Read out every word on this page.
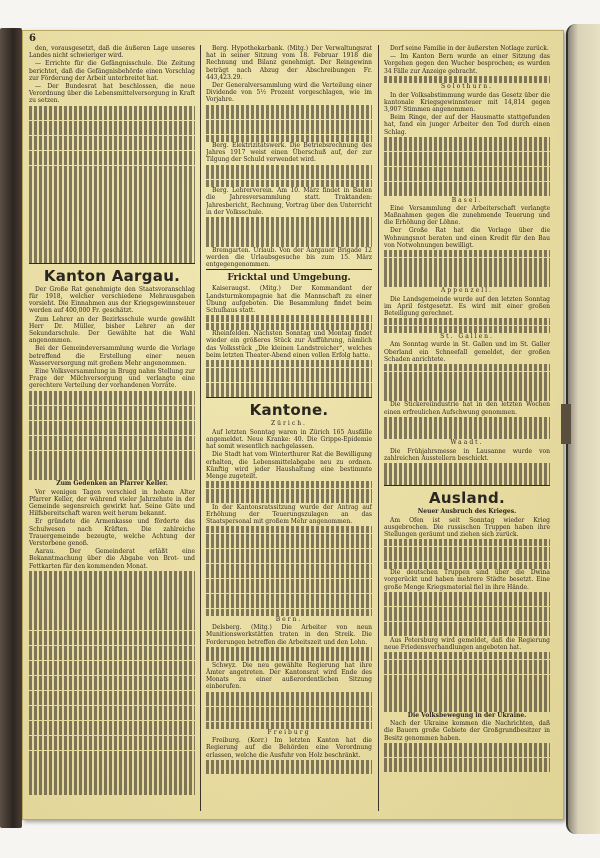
6

den, vorausgesetzt, daß die äußeren Lage unseres Landes nicht schwieriger wird.

— Errichte für die Gefängnisschule. Die Zeitung berichtet, daß die Gefängnisbehörde einen Vorschlag zur Förderung der Arbeit unterbreitet hat.

— Der Bundesrat hat beschlossen, die neue Verordnung über die Lebensmittelversorgung in Kraft zu setzen.

Kanton Aargau.

Der Große Rat genehmigte den Staatsvoranschlag für 1918, welcher verschiedene Mehrausgaben vorsieht. Die Einnahmen aus der Kriegsgewinnsteuer werden auf 400,000 Fr. geschätzt.

Zum Lehrer an der Bezirksschule wurde gewählt Herr Dr. Müller, bisher Lehrer an der Sekundarschule. Der Gewählte hat die Wahl angenommen.

Bei der Gemeindeversammlung wurde die Vorlage betreffend die Erstellung einer neuen Wasserversorgung mit großem Mehr angenommen.

Eine Volksversammlung in Brugg nahm Stellung zur Frage der Milchversorgung und verlangte eine gerechtere Verteilung der vorhandenen Vorräte.

Zum Gedenken an Pfarrer Keller.

Vor wenigen Tagen verschied in hohem Alter Pfarrer Keller, der während vieler Jahrzehnte in der Gemeinde segensreich gewirkt hat. Seine Güte und Hilfsbereitschaft waren weit herum bekannt.

Er gründete die Armenkasse und förderte das Schulwesen nach Kräften. Die zahlreiche Trauergemeinde bezeugte, welche Achtung der Verstorbene genoß.

Aarau. Der Gemeinderat erläßt eine Bekanntmachung über die Abgabe von Brot- und Fettkarten für den kommenden Monat.

Berg. Hypothekarbank. (Mitg.) Der Verwaltungsrat hat in seiner Sitzung vom 18. Februar 1918 die Rechnung und Bilanz genehmigt. Der Reingewinn beträgt nach Abzug der Abschreibungen Fr. 443,423.29.

Der Generalversammlung wird die Verteilung einer Dividende von 5½ Prozent vorgeschlagen, wie im Vorjahre.

Berg. Elektrizitätswerk. Die Betriebsrechnung des Jahres 1917 weist einen Überschuß auf, der zur Tilgung der Schuld verwendet wird.

Berg. Lehrerverein. Am 10. März findet in Baden die Jahresversammlung statt. Traktanden: Jahresbericht, Rechnung, Vortrag über den Unterricht in der Volksschule.

Bremgarten. Urlaub. Von der Aargauer Brigade 12 werden die Urlaubsgesuche bis zum 15. März entgegengenommen.

Fricktal und Umgebung.

Kaiseraugst. (Mitg.) Der Kommandant der Landsturmkompagnie hat die Mannschaft zu einer Übung aufgeboten. Die Besammlung findet beim Schulhaus statt.

Rheinfelden. Nächsten Sonntag und Montag findet wieder ein größeres Stück zur Aufführung, nämlich das Volksstück „Die kleinen Landstreicher“, welches beim letzten Theater-Abend einen vollen Erfolg hatte.

Kantone.

Zürich.

Auf letzten Sonntag waren in Zürich 165 Ausfälle angemeldet. Neue Kranke: 40. Die Grippe-Epidemie hat somit wesentlich nachgelassen.

Die Stadt hat vom Winterthurer Rat die Bewilligung erhalten, die Lebensmittelabgabe neu zu ordnen. Künftig wird jeder Haushaltung eine bestimmte Menge zugeteilt.

In der Kantonsratssitzung wurde der Antrag auf Erhöhung der Teuerungszulagen an das Staatspersonal mit großem Mehr angenommen.

Bern.

Delsberg. (Mitg.) Die Arbeiter von neun Munitionswerkstätten traten in den Streik. Die Forderungen betreffen die Arbeitszeit und den Lohn.

Schwyz. Die neu gewählte Regierung hat ihre Ämter angetreten. Der Kantonsrat wird Ende des Monats zu einer außerordentlichen Sitzung einberufen.

Freiburg

Freiburg. (Korr.) Im letzten Kanton hat die Regierung auf die Behörden eine Verordnung erlassen, welche die Ausfuhr von Holz beschränkt.

Dorf seine Familie in der äußersten Notlage zurück.

— Im Kanton Bern wurde an einer Sitzung das Vorgehen gegen den Wucher besprochen; es wurden 34 Fälle zur Anzeige gebracht.

Solothurn.

In der Volksabstimmung wurde das Gesetz über die kantonale Kriegsgewinnsteuer mit 14,814 gegen 3,907 Stimmen angenommen.

Beim Ringe, der auf der Hausmatte stattgefunden hat, fand ein junger Arbeiter den Tod durch einen Schlag.

Basel.

Eine Versammlung der Arbeiterschaft verlangte Maßnahmen gegen die zunehmende Teuerung und die Erhöhung der Löhne.

Der Große Rat hat die Vorlage über die Wohnungsnot beraten und einen Kredit für den Bau von Notwohnungen bewilligt.

Appenzell.

Die Landsgemeinde wurde auf den letzten Sonntag im April festgesetzt. Es wird mit einer großen Beteiligung gerechnet.

St. Gallen.

Am Sonntag wurde in St. Gallen und im St. Galler Oberland ein Schneefall gemeldet, der großen Schaden anrichtete.

Die Stickereiindustrie hat in den letzten Wochen einen erfreulichen Aufschwung genommen.

Waadt.

Die Frühjahrsmesse in Lausanne wurde von zahlreichen Ausstellern beschickt.

Ausland.

Neuer Ausbruch des Krieges.

Am Ofen ist seit Sonntag wieder Krieg ausgebrochen. Die russischen Truppen haben ihre Stellungen geräumt und ziehen sich zurück.

Die deutschen Truppen sind über die Dwina vorgerückt und haben mehrere Städte besetzt. Eine große Menge Kriegsmaterial fiel in ihre Hände.

Aus Petersburg wird gemeldet, daß die Regierung neue Friedensverhandlungen angeboten hat.

Die Volksbewegung in der Ukraine.

Nach der Ukraine kommen die Nachrichten, daß die Bauern große Gebiete der Großgrundbesitzer in Besitz genommen haben.
